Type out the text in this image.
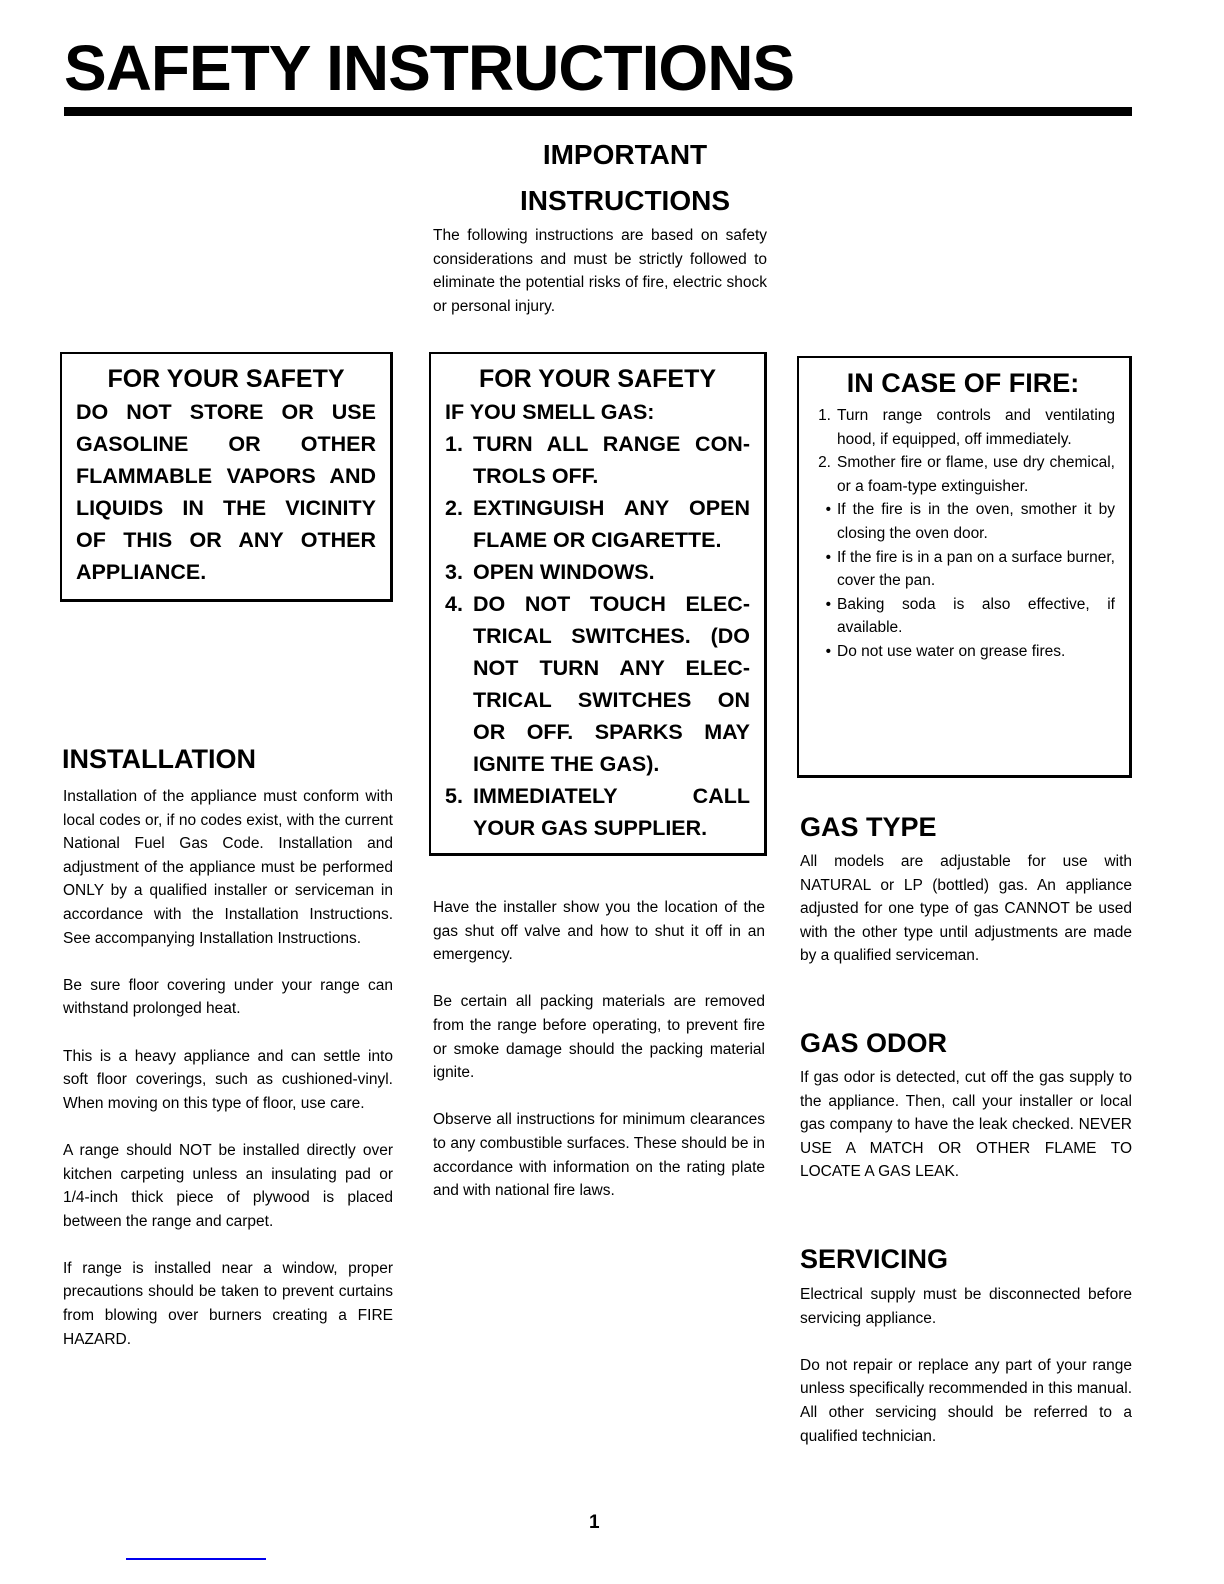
SAFETY INSTRUCTIONS
IMPORTANT
INSTRUCTIONS

The following instructions are based on safety considerations and must be strictly followed to eliminate the potential risks of fire, electric shock or personal injury.

FOR YOUR SAFETY
DO NOT STORE OR USE
GASOLINE OR OTHER
FLAMMABLE VAPORS AND
LIQUIDS IN THE VICINITY
OF THIS OR ANY OTHER
APPLIANCE.
FOR YOUR SAFETY
IF YOU SMELL GAS:
1. TURN ALL RANGE CON-
TROLS OFF.
2. EXTINGUISH ANY OPEN
FLAME OR CIGARETTE.
3. OPEN WINDOWS.
4. DO NOT TOUCH ELEC-
TRICAL SWITCHES. (DO
NOT TURN ANY ELEC-
TRICAL SWITCHES ON
OR OFF. SPARKS MAY
IGNITE THE GAS).
5. IMMEDIATELY CALL
YOUR GAS SUPPLIER.
IN CASE OF FIRE:
1. Turn range controls and ventilating hood, if equipped, off immediately.
2. Smother fire or flame, use dry chemical, or a foam-type extinguisher.
• If the fire is in the oven, smother it by closing the oven door.
• If the fire is in a pan on a surface burner, cover the pan.
• Baking soda is also effective, if available.
• Do not use water on grease fires.
INSTALLATION

Installation of the appliance must conform with local codes or, if no codes exist, with the current National Fuel Gas Code. Installation and adjustment of the appliance must be performed ONLY by a qualified installer or serviceman in accordance with the Installation Instructions. See accompanying Installation Instructions.

Be sure floor covering under your range can withstand prolonged heat.

This is a heavy appliance and can settle into soft floor coverings, such as cushioned-vinyl. When moving on this type of floor, use care.

A range should NOT be installed directly over kitchen carpeting unless an insulating pad or 1/4-inch thick piece of plywood is placed between the range and carpet.

If range is installed near a window, proper precautions should be taken to prevent curtains from blowing over burners creating a FIRE HAZARD.

Have the installer show you the location of the gas shut off valve and how to shut it off in an emergency.

Be certain all packing materials are removed from the range before operating, to prevent fire or smoke damage should the packing material ignite.

Observe all instructions for minimum clearances to any combustible surfaces. These should be in accordance with information on the rating plate and with national fire laws.

GAS TYPE

All models are adjustable for use with NATURAL or LP (bottled) gas. An appliance adjusted for one type of gas CANNOT be used with the other type until adjustments are made by a qualified serviceman.

GAS ODOR

If gas odor is detected, cut off the gas supply to the appliance. Then, call your installer or local gas company to have the leak checked. NEVER USE A MATCH OR OTHER FLAME TO LOCATE A GAS LEAK.

SERVICING

Electrical supply must be disconnected before servicing appliance.

Do not repair or replace any part of your range unless specifically recommended in this manual. All other servicing should be referred to a qualified technician.

1
